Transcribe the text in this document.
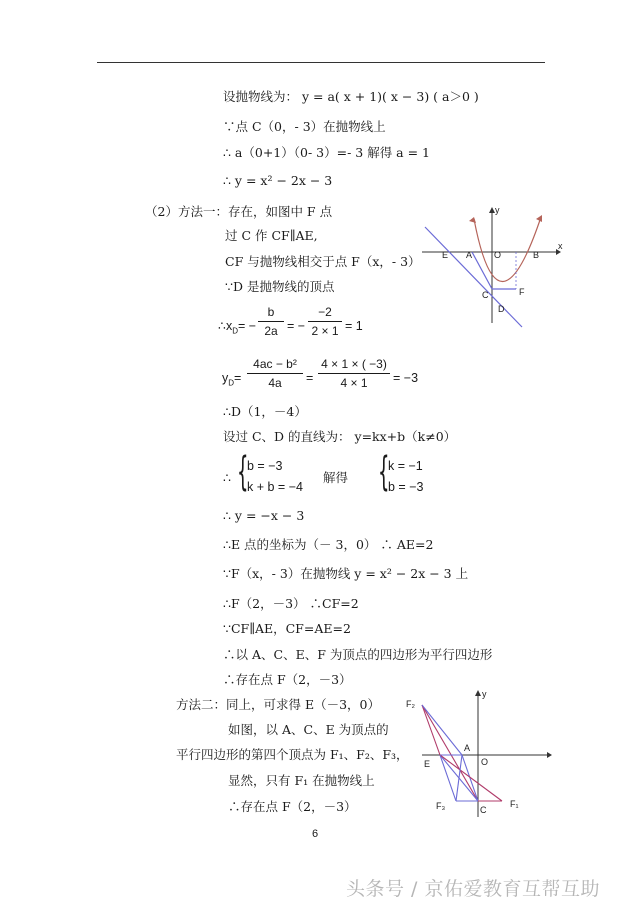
设抛物线为： y = a( x + 1)( x − 3) ( a＞0 )
∵点 C（0，- 3）在抛物线上
∴ a（0+1）（0- 3）=- 3 解得 a = 1
∴ y = x² − 2x − 3
（2）方法一：存在，如图中 F 点
过 C 作 CF∥AE,
CF 与抛物线相交于点 F（x，- 3）
∵D 是抛物线的顶点
$\therefore x_D=$ −
b
2a = −
−2
2 × 1 = 1
$y_D=$
4ac − b²
4a	=
4 × 1 × ( −3)
4 × 1	= −3
∴D（1，－4）
设过 C、D 的直线为： y=kx+b（k≠0）
∴ {
b = −3
k + b = −4
解得 {
k = −1
b = −3
∴ y = −x − 3
∴E 点的坐标为（－ 3，0） ∴ AE=2
∵F（x，- 3）在抛物线 y = x² − 2x − 3 上
∴F（2，－3） ∴CF=2
∵CF∥AE，CF=AE=2
∴以 A、C、E、F 为顶点的四边形为平行四边形
∴存在点 F（2，－3）
方法二：同上，可求得 E（－3，0）
如图，以 A、C、E 为顶点的
平行四边形的第四个顶点为 F₁、F₂、F₃，
显然，只有 F₁ 在抛物线上
∴存在点 F（2，－3）
y
x
E A O	B
C	F
D
y
F₂
A
E	O
F₃	C
F₁
6
头条号 / 京佑爱教育互帮互助
